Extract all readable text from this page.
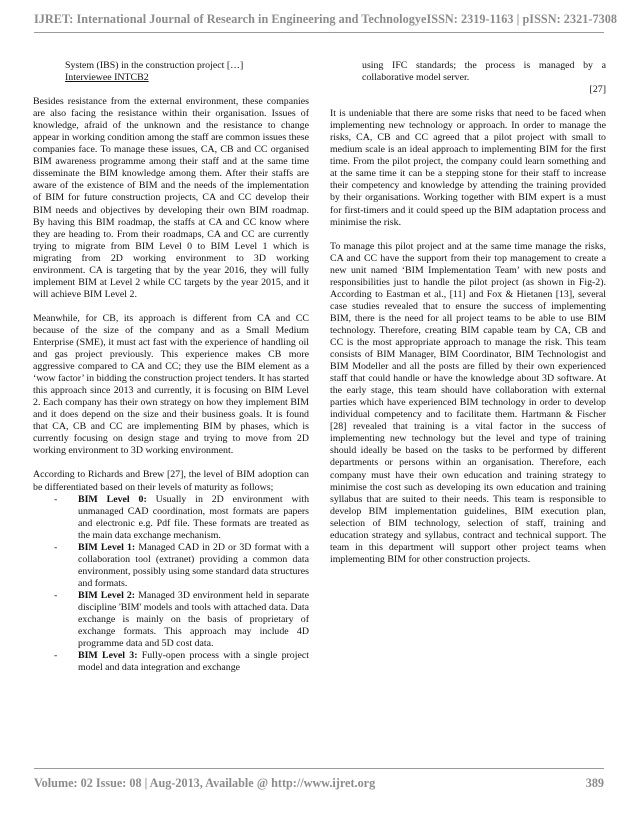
IJRET: International Journal of Research in Engineering and Technology eISSN: 2319-1163 | pISSN: 2321-7308

System (IBS) in the construction project […]
Interviewee INTCB2

Besides resistance from the external environment, these companies are also facing the resistance within their organisation. Issues of knowledge, afraid of the unknown and the resistance to change appear in working condition among the staff are common issues these companies face. To manage these issues, CA, CB and CC organised BIM awareness programme among their staff and at the same time disseminate the BIM knowledge among them. After their staffs are aware of the existence of BIM and the needs of the implementation of BIM for future construction projects, CA and CC develop their BIM needs and objectives by developing their own BIM roadmap. By having this BIM roadmap, the staffs at CA and CC know where they are heading to. From their roadmaps, CA and CC are currently trying to migrate from BIM Level 0 to BIM Level 1 which is migrating from 2D working environment to 3D working environment. CA is targeting that by the year 2016, they will fully implement BIM at Level 2 while CC targets by the year 2015, and it will achieve BIM Level 2.

Meanwhile, for CB, its approach is different from CA and CC because of the size of the company and as a Small Medium Enterprise (SME), it must act fast with the experience of handling oil and gas project previously. This experience makes CB more aggressive compared to CA and CC; they use the BIM element as a ‘wow factor’ in bidding the construction project tenders. It has started this approach since 2013 and currently, it is focusing on BIM Level 2. Each company has their own strategy on how they implement BIM and it does depend on the size and their business goals. It is found that CA, CB and CC are implementing BIM by phases, which is currently focusing on design stage and trying to move from 2D working environment to 3D working environment.

According to Richards and Brew [27], the level of BIM adoption can be differentiated based on their levels of maturity as follows;

- BIM Level 0: Usually in 2D environment with unmanaged CAD coordination, most formats are papers and electronic e.g. Pdf file. These formats are treated as the main data exchange mechanism.
- BIM Level 1: Managed CAD in 2D or 3D format with a collaboration tool (extranet) providing a common data environment, possibly using some standard data structures and formats.
- BIM Level 2: Managed 3D environment held in separate discipline 'BIM' models and tools with attached data. Data exchange is mainly on the basis of proprietary of exchange formats. This approach may include 4D programme data and 5D cost data.
- BIM Level 3: Fully-open process with a single project model and data integration and exchange

using IFC standards; the process is managed by a collaborative model server.

[27]

It is undeniable that there are some risks that need to be faced when implementing new technology or approach. In order to manage the risks, CA, CB and CC agreed that a pilot project with small to medium scale is an ideal approach to implementing BIM for the first time. From the pilot project, the company could learn something and at the same time it can be a stepping stone for their staff to increase their competency and knowledge by attending the training provided by their organisations. Working together with BIM expert is a must for first-timers and it could speed up the BIM adaptation process and minimise the risk.

To manage this pilot project and at the same time manage the risks, CA and CC have the support from their top management to create a new unit named ‘BIM Implementation Team’ with new posts and responsibilities just to handle the pilot project (as shown in Fig-2). According to Eastman et al., [11] and Fox & Hietanen [13], several case studies revealed that to ensure the success of implementing BIM, there is the need for all project teams to be able to use BIM technology. Therefore, creating BIM capable team by CA, CB and CC is the most appropriate approach to manage the risk. This team consists of BIM Manager, BIM Coordinator, BIM Technologist and BIM Modeller and all the posts are filled by their own experienced staff that could handle or have the knowledge about 3D software. At the early stage, this team should have collaboration with external parties which have experienced BIM technology in order to develop individual competency and to facilitate them. Hartmann & Fischer [28] revealed that training is a vital factor in the success of implementing new technology but the level and type of training should ideally be based on the tasks to be performed by different departments or persons within an organisation. Therefore, each company must have their own education and training strategy to minimise the cost such as developing its own education and training syllabus that are suited to their needs. This team is responsible to develop BIM implementation guidelines, BIM execution plan, selection of BIM technology, selection of staff, training and education strategy and syllabus, contract and technical support. The team in this department will support other project teams when implementing BIM for other construction projects.

Volume: 02 Issue: 08 | Aug-2013, Available @ http://www.ijret.org	389
